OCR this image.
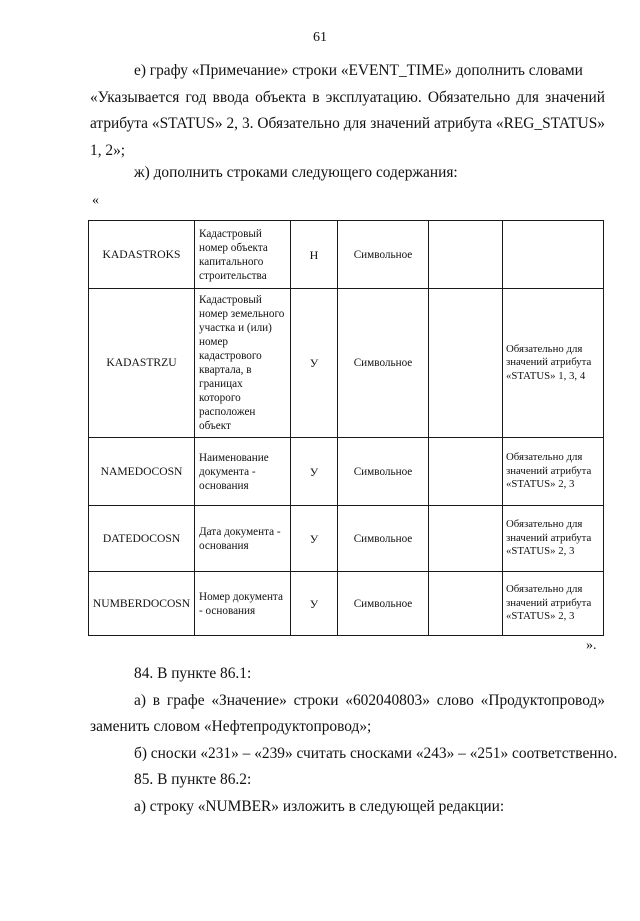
61
е) графу «Примечание» строки «EVENT_TIME» дополнить словами
«Указывается год ввода объекта в эксплуатацию. Обязательно для значений атрибута «STATUS» 2, 3. Обязательно для значений атрибута «REG_STATUS» 1, 2»;
ж) дополнить строками следующего содержания:
«
KADASTROKS	Кадастровый номер объекта капитального строительства	Н	Символьное		
KADASTRZU	Кадастровый номер земельного участка и (или) номер кадастрового квартала, в границах которого расположен объект	У	Символьное		Обязательно для значений атрибута «STATUS» 1, 3, 4
NAMEDOCOSN	Наименование документа - основания	У	Символьное		Обязательно для значений атрибута «STATUS» 2, 3
DATEDOCOSN	Дата документа - основания	У	Символьное		Обязательно для значений атрибута «STATUS» 2, 3
NUMBERDOCOSN	Номер документа - основания	У	Символьное		Обязательно для значений атрибута «STATUS» 2, 3
».
84. В пункте 86.1:
а) в графе «Значение» строки «602040803» слово «Продуктопровод»
заменить словом «Нефтепродуктопровод»;
б) сноски «231» – «239» считать сносками «243» – «251» соответственно.
85. В пункте 86.2:
а) строку «NUMBER» изложить в следующей редакции:
